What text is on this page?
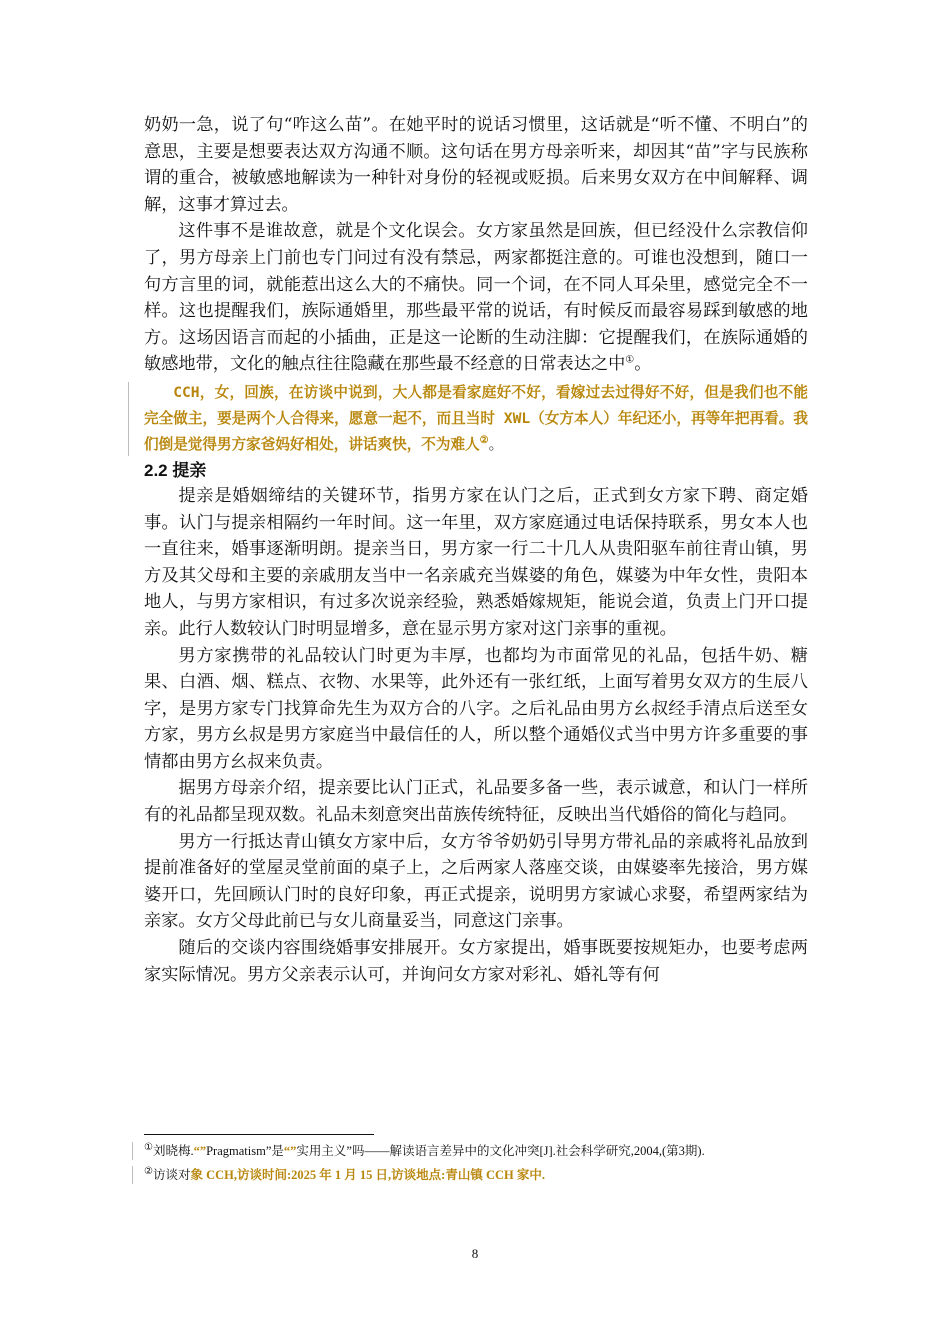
奶奶一急，说了句“咋这么苗”。在她平时的说话习惯里，这话就是“听不懂、不明白”的意思，主要是想要表达双方沟通不顺。这句话在男方母亲听来，却因其“苗”字与民族称谓的重合，被敏感地解读为一种针对身份的轻视或贬损。后来男女双方在中间解释、调解，这事才算过去。

这件事不是谁故意，就是个文化误会。女方家虽然是回族，但已经没什么宗教信仰了，男方母亲上门前也专门问过有没有禁忌，两家都挺注意的。可谁也没想到，随口一句方言里的词，就能惹出这么大的不痛快。同一个词，在不同人耳朵里，感觉完全不一样。这也提醒我们，族际通婚里，那些最平常的说话，有时候反而最容易踩到敏感的地方。这场因语言而起的小插曲，正是这一论断的生动注脚：它提醒我们，在族际通婚的敏感地带，文化的触点往往隐藏在那些最不经意的日常表达之中①。

CCH，女，回族，在访谈中说到，大人都是看家庭好不好，看嫁过去过得好不好，但是我们也不能完全做主，要是两个人合得来，愿意一起不，而且当时 XWL（女方本人）年纪还小，再等年把再看。我们倒是觉得男方家爸妈好相处，讲话爽快，不为难人②。
2.2 提亲

提亲是婚姻缔结的关键环节，指男方家在认门之后，正式到女方家下聘、商定婚事。认门与提亲相隔约一年时间。这一年里，双方家庭通过电话保持联系，男女本人也一直往来，婚事逐渐明朗。提亲当日，男方家一行二十几人从贵阳驱车前往青山镇，男方及其父母和主要的亲戚朋友当中一名亲戚充当媒婆的角色，媒婆为中年女性，贵阳本地人，与男方家相识，有过多次说亲经验，熟悉婚嫁规矩，能说会道，负责上门开口提亲。此行人数较认门时明显增多，意在显示男方家对这门亲事的重视。

男方家携带的礼品较认门时更为丰厚，也都均为市面常见的礼品，包括牛奶、糖果、白酒、烟、糕点、衣物、水果等，此外还有一张红纸，上面写着男女双方的生辰八字，是男方家专门找算命先生为双方合的八字。之后礼品由男方幺叔经手清点后送至女方家，男方幺叔是男方家庭当中最信任的人，所以整个通婚仪式当中男方许多重要的事情都由男方幺叔来负责。

据男方母亲介绍，提亲要比认门正式，礼品要多备一些，表示诚意，和认门一样所有的礼品都呈现双数。礼品未刻意突出苗族传统特征，反映出当代婚俗的简化与趋同。

男方一行抵达青山镇女方家中后，女方爷爷奶奶引导男方带礼品的亲戚将礼品放到提前准备好的堂屋灵堂前面的桌子上，之后两家人落座交谈，由媒婆率先接洽，男方媒婆开口，先回顾认门时的良好印象，再正式提亲，说明男方家诚心求娶，希望两家结为亲家。女方父母此前已与女儿商量妥当，同意这门亲事。

随后的交谈内容围绕婚事安排展开。女方家提出，婚事既要按规矩办，也要考虑两家实际情况。男方父亲表示认可，并询问女方家对彩礼、婚礼等有何

①刘晓梅.“”Pragmatism”是“”实用主义”吗——解读语言差异中的文化冲突[J].社会科学研究,2004,(第3期).

②访谈对象 CCH,访谈时间:2025 年 1 月 15 日,访谈地点:青山镇 CCH 家中.

8
